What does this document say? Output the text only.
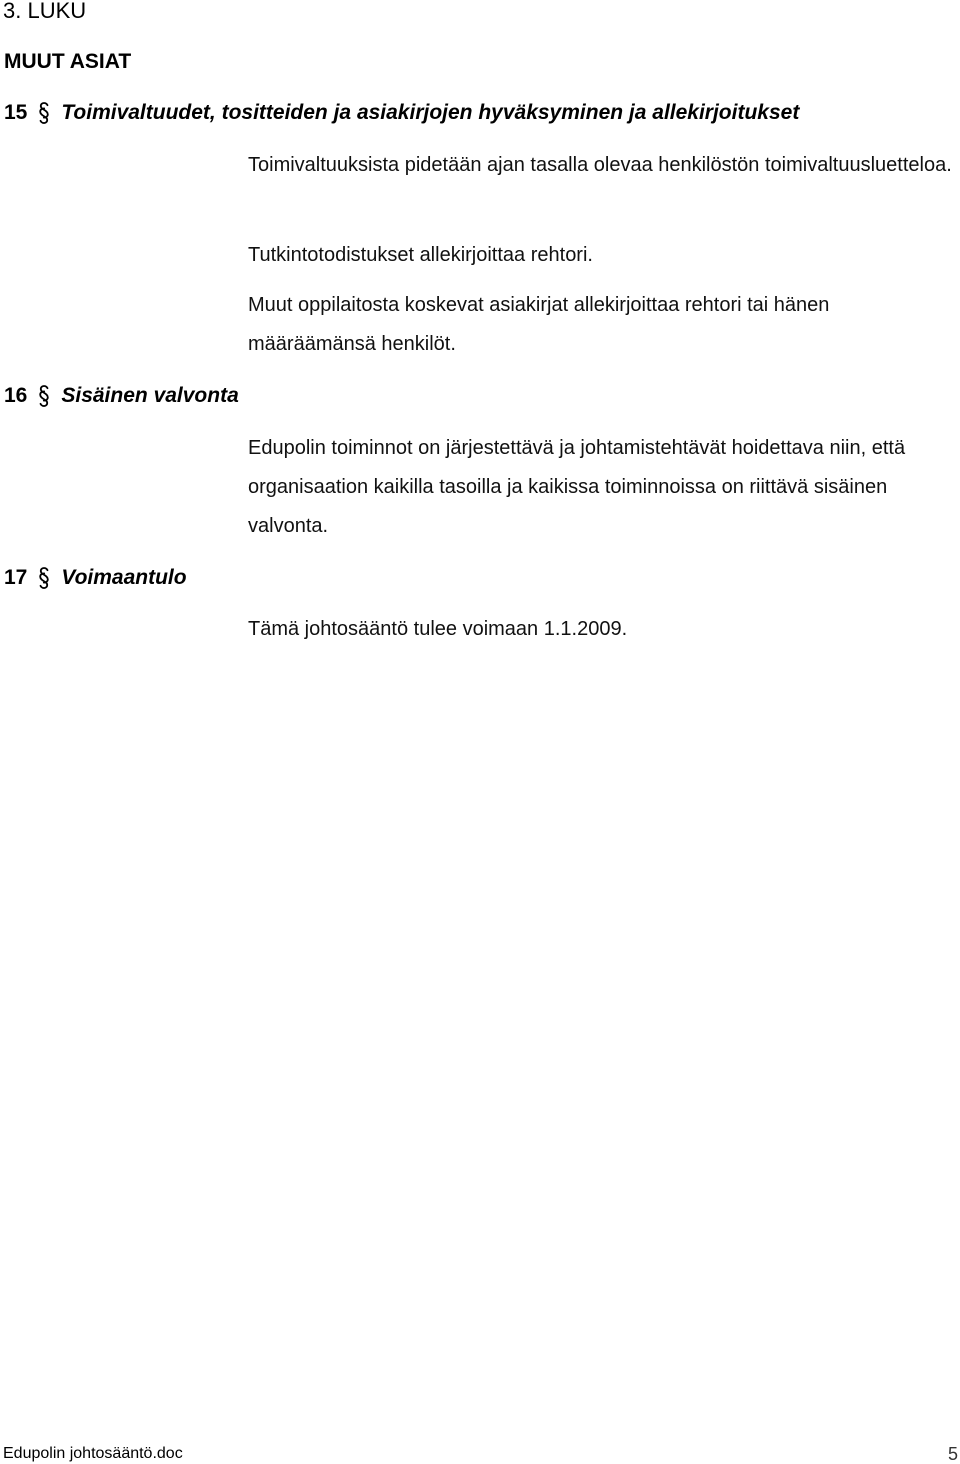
3. LUKU
MUUT ASIAT
15 Toimivaltuudet, tositteiden ja asiakirjojen hyväksyminen ja allekirjoitukset

Toimivaltuuksista pidetään ajan tasalla olevaa henkilöstön toimivaltuusluetteloa.

Tutkintotodistukset allekirjoittaa rehtori.

Muut oppilaitosta koskevat asiakirjat allekirjoittaa rehtori tai hänen määräämänsä henkilöt.

16 Sisäinen valvonta

Edupolin toiminnot on järjestettävä ja johtamistehtävät hoidettava niin, että organisaation kaikilla tasoilla ja kaikissa toiminnoissa on riittävä sisäinen valvonta.

17 Voimaantulo

Tämä johtosääntö tulee voimaan 1.1.2009.

Edupolin johtosääntö.doc	5
